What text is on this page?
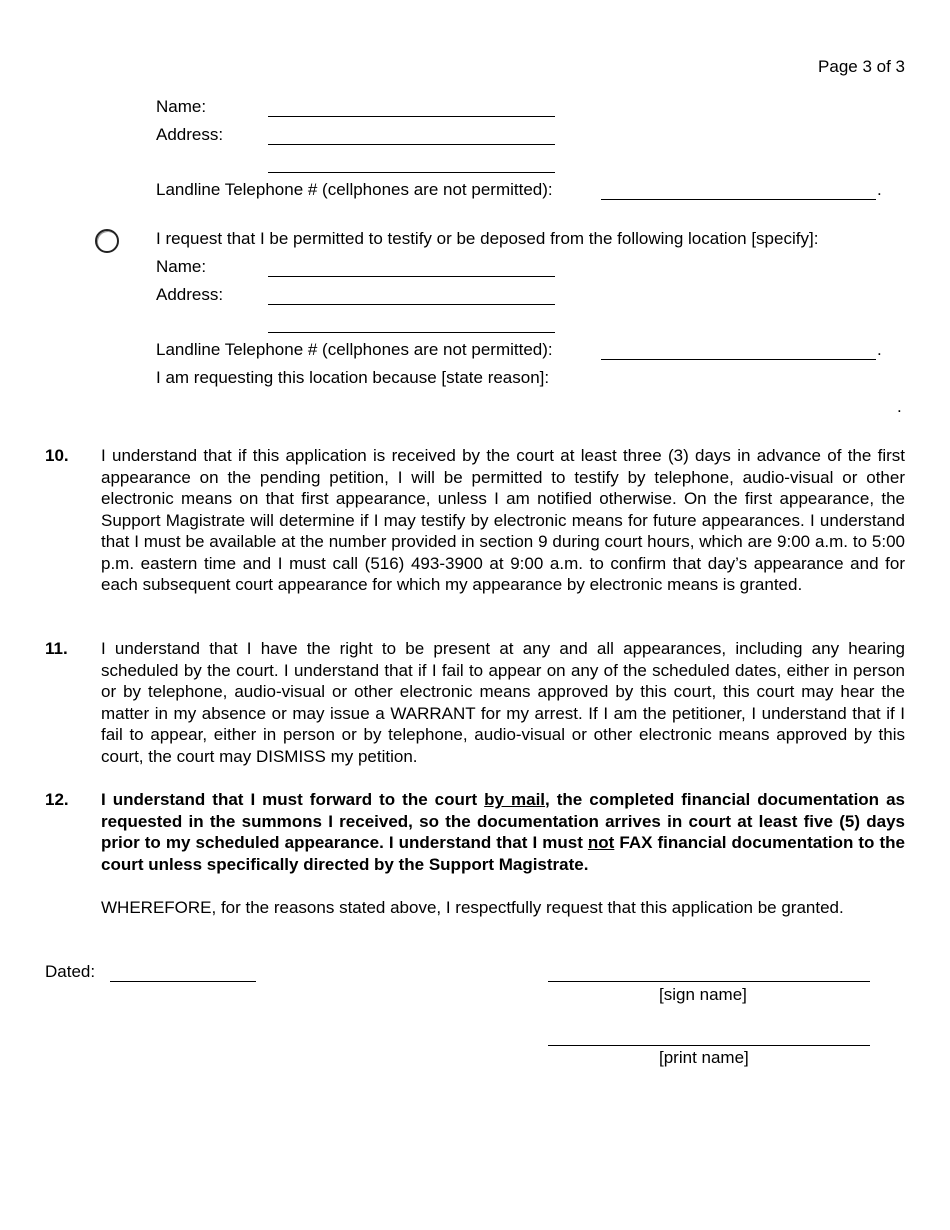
Page 3 of 3
Name:
Address:
Landline Telephone # (cellphones are not permitted):	.
I request that I be permitted to testify or be deposed from the following location [specify]:
Name:
Address:
Landline Telephone # (cellphones are not permitted):	.
I am requesting this location because [state reason]:
.
10. I understand that if this application is received by the court at least three (3) days in advance of the first appearance on the pending petition, I will be permitted to testify by telephone, audio-visual or other electronic means on that first appearance, unless I am notified otherwise. On the first appearance, the Support Magistrate will determine if I may testify by electronic means for future appearances. I understand that I must be available at the number provided in section 9 during court hours, which are 9:00 a.m. to 5:00 p.m. eastern time and I must call (516) 493-3900 at 9:00 a.m. to confirm that day’s appearance and for each subsequent court appearance for which my appearance by electronic means is granted.
11. I understand that I have the right to be present at any and all appearances, including any hearing scheduled by the court. I understand that if I fail to appear on any of the scheduled dates, either in person or by telephone, audio-visual or other electronic means approved by this court, this court may hear the matter in my absence or may issue a WARRANT for my arrest. If I am the petitioner, I understand that if I fail to appear, either in person or by telephone, audio-visual or other electronic means approved by this court, the court may DISMISS my petition.
12. I understand that I must forward to the court by mail, the completed financial documentation as requested in the summons I received, so the documentation arrives in court at least five (5) days prior to my scheduled appearance. I understand that I must not FAX financial documentation to the court unless specifically directed by the Support Magistrate.
WHEREFORE, for the reasons stated above, I respectfully request that this application be granted.
Dated:
[sign name]
[print name]
